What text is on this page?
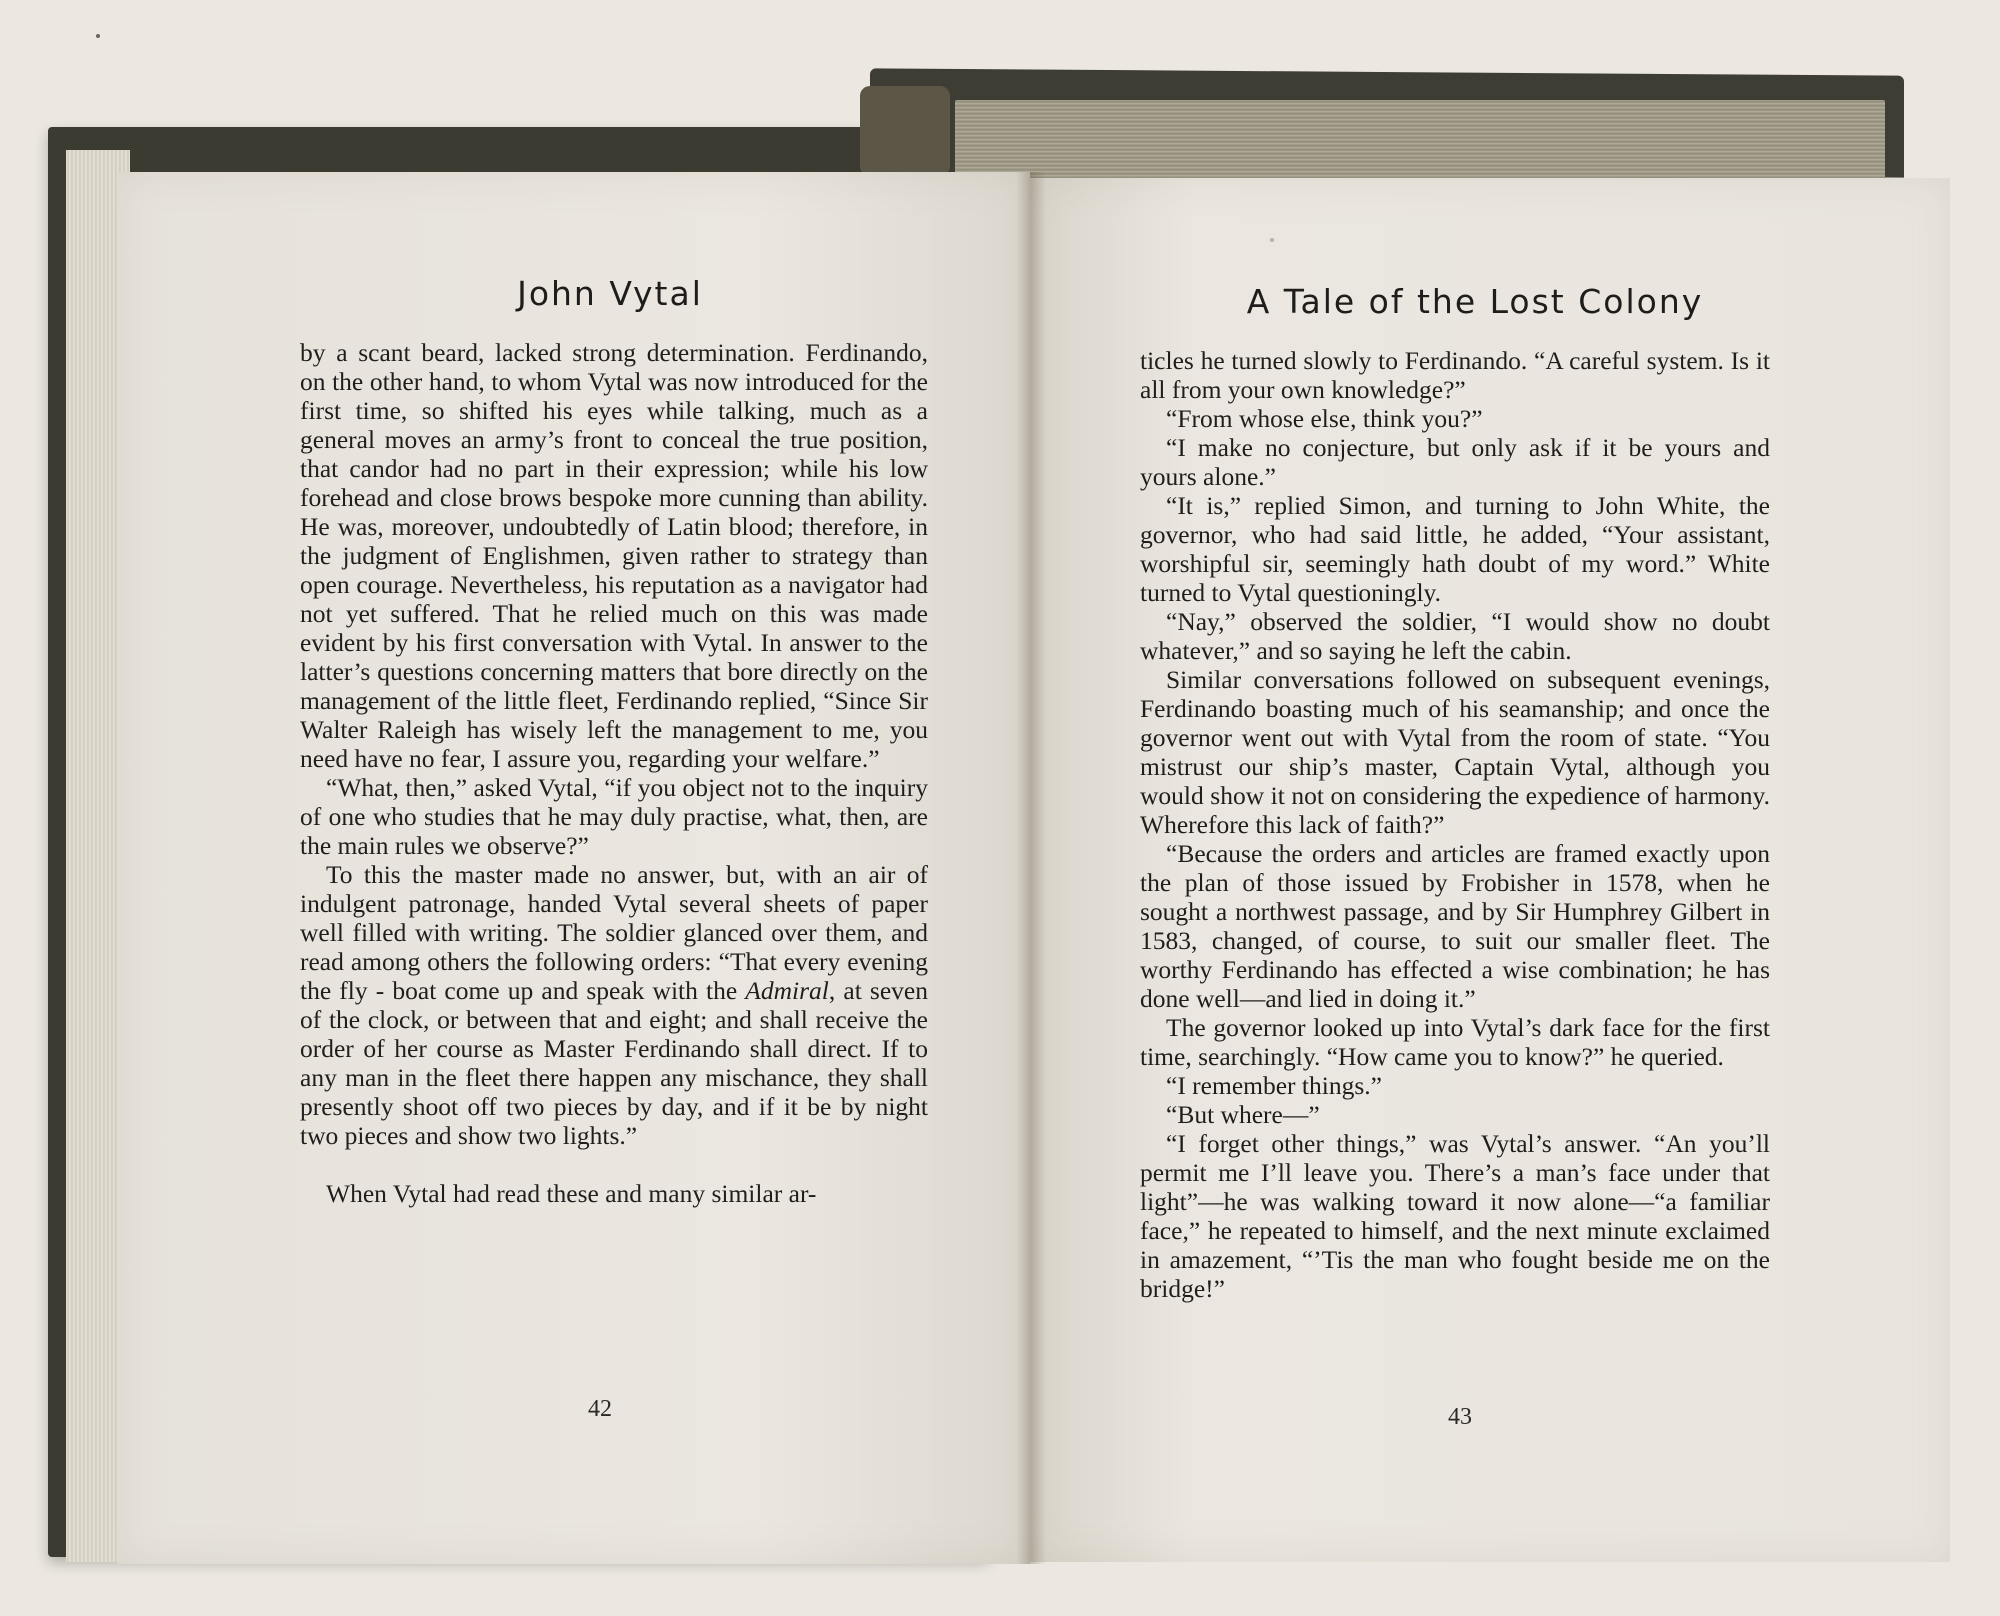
John Vytal

by a scant beard, lacked strong determination. Ferdinando, on the other hand, to whom Vytal was now introduced for the first time, so shifted his eyes while talking, much as a general moves an army’s front to conceal the true position, that candor had no part in their expression; while his low forehead and close brows bespoke more cunning than ability. He was, moreover, undoubtedly of Latin blood; therefore, in the judgment of Englishmen, given rather to strategy than open courage. Nevertheless, his reputation as a navigator had not yet suffered. That he relied much on this was made evident by his first conversation with Vytal. In answer to the latter’s questions concerning matters that bore directly on the management of the little fleet, Ferdinando replied, “Since Sir Walter Raleigh has wisely left the management to me, you need have no fear, I assure you, regarding your welfare.”

“What, then,” asked Vytal, “if you object not to the inquiry of one who studies that he may duly practise, what, then, are the main rules we observe?”

To this the master made no answer, but, with an air of indulgent patronage, handed Vytal several sheets of paper well filled with writing. The soldier glanced over them, and read among others the following orders: “That every evening the fly - boat come up and speak with the Admiral, at seven of the clock, or between that and eight; and shall receive the order of her course as Master Ferdinando shall direct. If to any man in the fleet there happen any mischance, they shall presently shoot off two pieces by day, and if it be by night two pieces and show two lights.”

When Vytal had read these and many similar ar-

42

A Tale of the Lost Colony

ticles he turned slowly to Ferdinando. “A careful system. Is it all from your own knowledge?”

“From whose else, think you?”

“I make no conjecture, but only ask if it be yours and yours alone.”

“It is,” replied Simon, and turning to John White, the governor, who had said little, he added, “Your assistant, worshipful sir, seemingly hath doubt of my word.” White turned to Vytal questioningly.

“Nay,” observed the soldier, “I would show no doubt whatever,” and so saying he left the cabin.

Similar conversations followed on subsequent evenings, Ferdinando boasting much of his seamanship; and once the governor went out with Vytal from the room of state. “You mistrust our ship’s master, Captain Vytal, although you would show it not on considering the expedience of harmony. Wherefore this lack of faith?”

“Because the orders and articles are framed exactly upon the plan of those issued by Frobisher in 1578, when he sought a northwest passage, and by Sir Humphrey Gilbert in 1583, changed, of course, to suit our smaller fleet. The worthy Ferdinando has effected a wise combination; he has done well—and lied in doing it.”

The governor looked up into Vytal’s dark face for the first time, searchingly. “How came you to know?” he queried.

“I remember things.”

“But where—”

“I forget other things,” was Vytal’s answer. “An you’ll permit me I’ll leave you. There’s a man’s face under that light”—he was walking toward it now alone—“a familiar face,” he repeated to himself, and the next minute exclaimed in amazement, “’Tis the man who fought beside me on the bridge!”

43
